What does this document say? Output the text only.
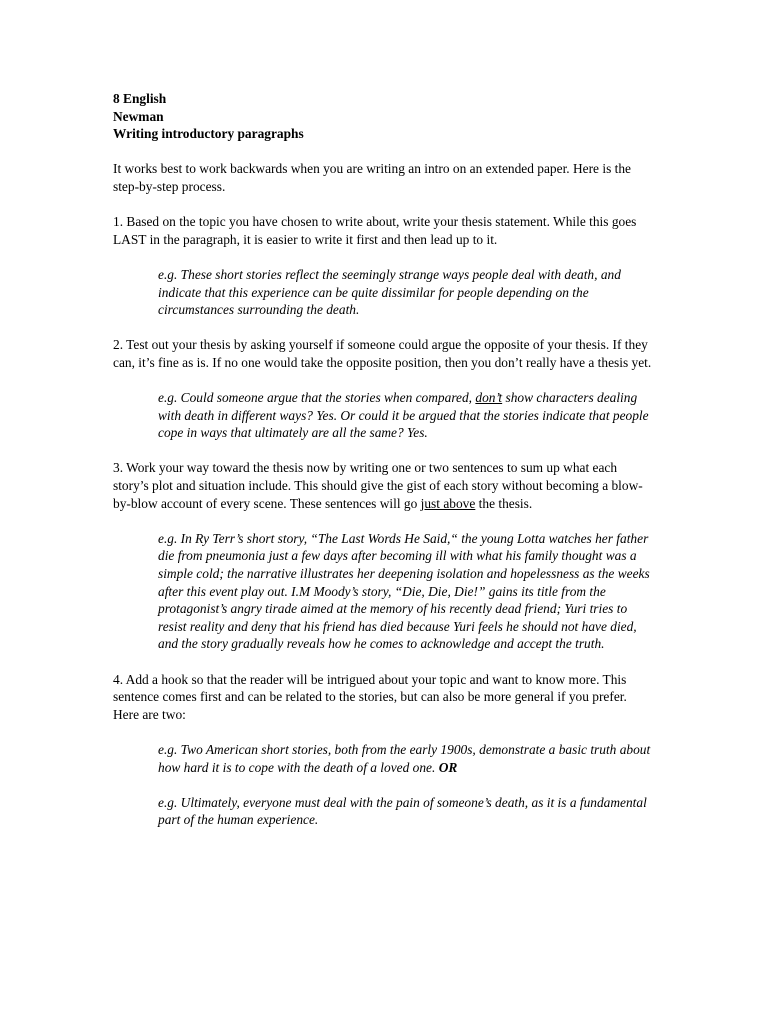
8 English

Newman

Writing introductory paragraphs

It works best to work backwards when you are writing an intro on an extended paper. Here is the step-by-step process.

1. Based on the topic you have chosen to write about, write your thesis statement. While this goes LAST in the paragraph, it is easier to write it first and then lead up to it.

e.g. These short stories reflect the seemingly strange ways people deal with death, and indicate that this experience can be quite dissimilar for people depending on the circumstances surrounding the death.

2. Test out your thesis by asking yourself if someone could argue the opposite of your thesis. If they can, it’s fine as is. If no one would take the opposite position, then you don’t really have a thesis yet.

e.g. Could someone argue that the stories when compared, don’t show characters dealing with death in different ways? Yes. Or could it be argued that the stories indicate that people cope in ways that ultimately are all the same? Yes.

3. Work your way toward the thesis now by writing one or two sentences to sum up what each story’s plot and situation include. This should give the gist of each story without becoming a blow-by-blow account of every scene. These sentences will go just above the thesis.

e.g. In Ry Terr’s short story, “The Last Words He Said,“ the young Lotta watches her father die from pneumonia just a few days after becoming ill with what his family thought was a simple cold; the narrative illustrates her deepening isolation and hopelessness as the weeks after this event play out. I.M Moody’s story, “Die, Die, Die!” gains its title from the protagonist’s angry tirade aimed at the memory of his recently dead friend; Yuri tries to resist reality and deny that his friend has died because Yuri feels he should not have died, and the story gradually reveals how he comes to acknowledge and accept the truth.

4. Add a hook so that the reader will be intrigued about your topic and want to know more. This sentence comes first and can be related to the stories, but can also be more general if you prefer. Here are two:

e.g. Two American short stories, both from the early 1900s, demonstrate a basic truth about how hard it is to cope with the death of a loved one. OR

e.g. Ultimately, everyone must deal with the pain of someone’s death, as it is a fundamental part of the human experience.
